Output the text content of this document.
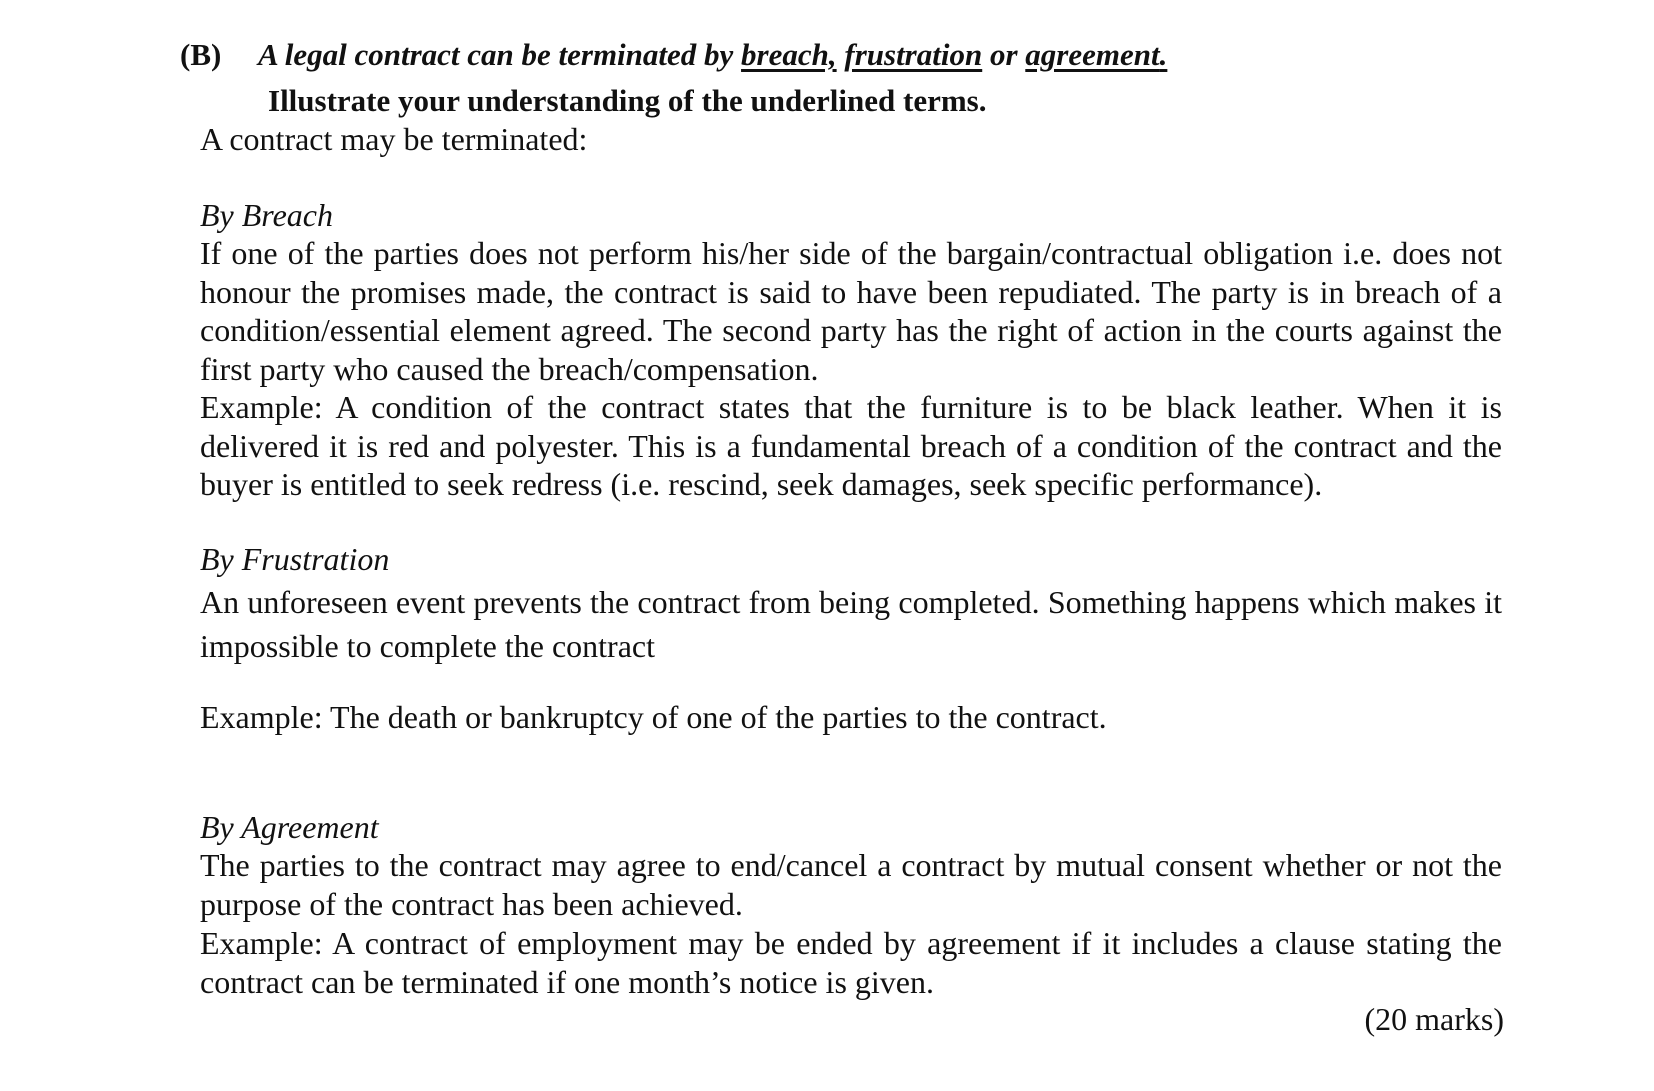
(B) A legal contract can be terminated by breach, frustration or agreement.
Illustrate your understanding of the underlined terms.
A contract may be terminated:
By Breach
If one of the parties does not perform his/her side of the bargain/contractual obligation i.e. does not honour the promises made, the contract is said to have been repudiated. The party is in breach of a condition/essential element agreed. The second party has the right of action in the courts against the first party who caused the breach/compensation.
Example: A condition of the contract states that the furniture is to be black leather. When it is delivered it is red and polyester. This is a fundamental breach of a condition of the contract and the buyer is entitled to seek redress (i.e. rescind, seek damages, seek specific performance).
By Frustration
An unforeseen event prevents the contract from being completed. Something happens which makes it impossible to complete the contract
Example: The death or bankruptcy of one of the parties to the contract.
By Agreement
The parties to the contract may agree to end/cancel a contract by mutual consent whether or not the purpose of the contract has been achieved.
Example: A contract of employment may be ended by agreement if it includes a clause stating the contract can be terminated if one month’s notice is given.
(20 marks)
